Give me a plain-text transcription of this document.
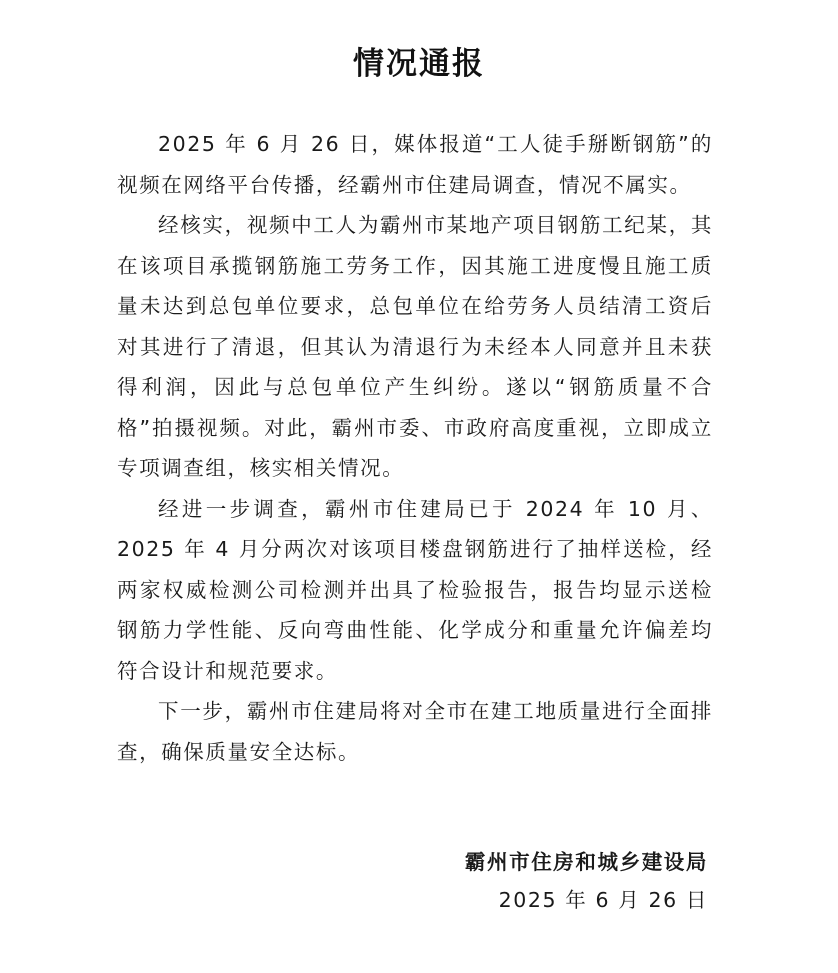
情况通报

2025 年 6 月 26 日，媒体报道“工人徒手掰断钢筋”的视频在网络平台传播，经霸州市住建局调查，情况不属实。

经核实，视频中工人为霸州市某地产项目钢筋工纪某，其在该项目承揽钢筋施工劳务工作，因其施工进度慢且施工质量未达到总包单位要求，总包单位在给劳务人员结清工资后对其进行了清退，但其认为清退行为未经本人同意并且未获得利润，因此与总包单位产生纠纷。遂以“钢筋质量不合格”拍摄视频。对此，霸州市委、市政府高度重视，立即成立专项调查组，核实相关情况。

经进一步调查，霸州市住建局已于 2024 年 10 月、2025 年 4 月分两次对该项目楼盘钢筋进行了抽样送检，经两家权威检测公司检测并出具了检验报告，报告均显示送检钢筋力学性能、反向弯曲性能、化学成分和重量允许偏差均符合设计和规范要求。

下一步，霸州市住建局将对全市在建工地质量进行全面排查，确保质量安全达标。

霸州市住房和城乡建设局
2025 年 6 月 26 日
